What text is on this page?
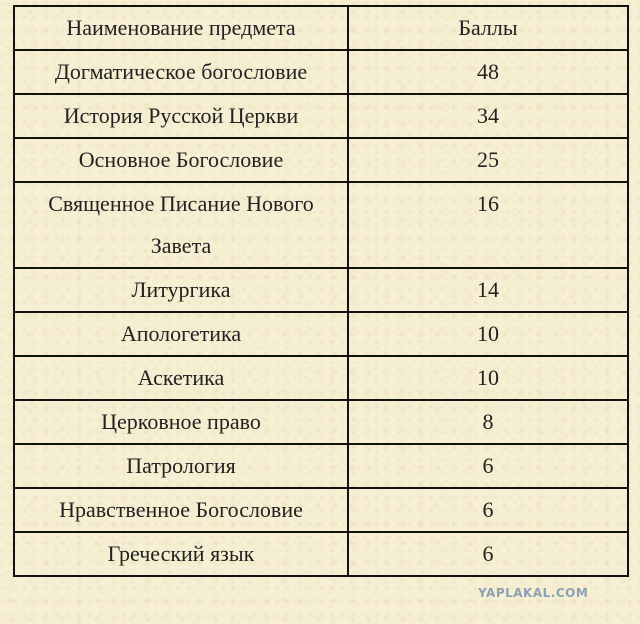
Наименование предмета	Баллы
Догматическое богословие	48
История Русской Церкви	34
Основное Богословие	25
Священное Писание Нового Завета	16
Литургика	14
Апологетика	10
Аскетика	10
Церковное право	8
Патрология	6
Нравственное Богословие	6
Греческий язык	6
YAPLAKAL.COM
